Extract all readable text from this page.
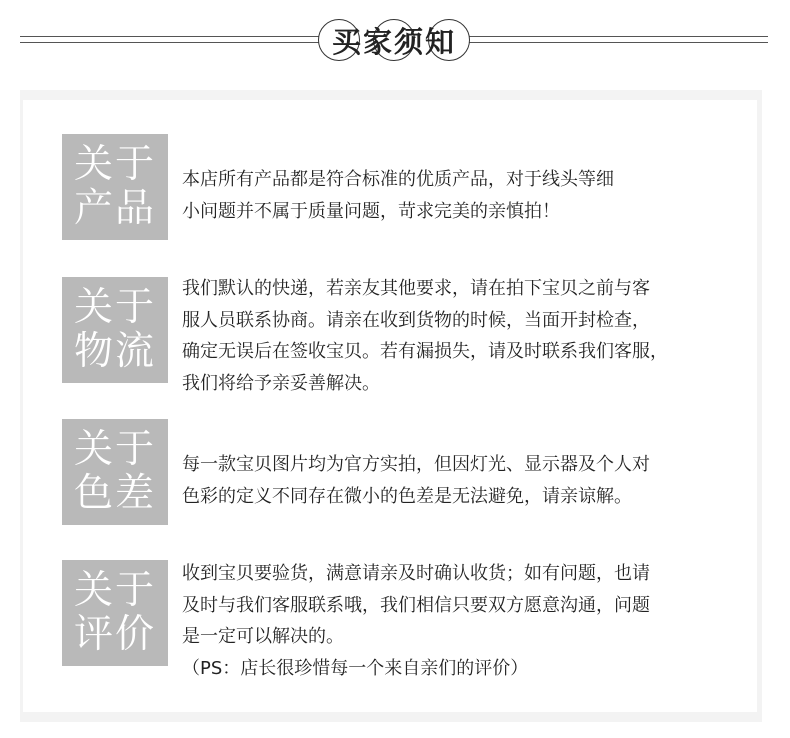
买家须知
关于
产品
本店所有产品都是符合标准的优质产品，对于线头等细
小问题并不属于质量问题，苛求完美的亲慎拍！
关于
物流
我们默认的快递，若亲友其他要求，请在拍下宝贝之前与客
服人员联系协商。请亲在收到货物的时候，当面开封检查，
确定无误后在签收宝贝。若有漏损失，请及时联系我们客服，
我们将给予亲妥善解决。
关于
色差
每一款宝贝图片均为官方实拍，但因灯光、显示器及个人对
色彩的定义不同存在微小的色差是无法避免，请亲谅解。
关于
评价
收到宝贝要验货，满意请亲及时确认收货；如有问题，也请
及时与我们客服联系哦，我们相信只要双方愿意沟通，问题
是一定可以解决的。
（PS：店长很珍惜每一个来自亲们的评价）
